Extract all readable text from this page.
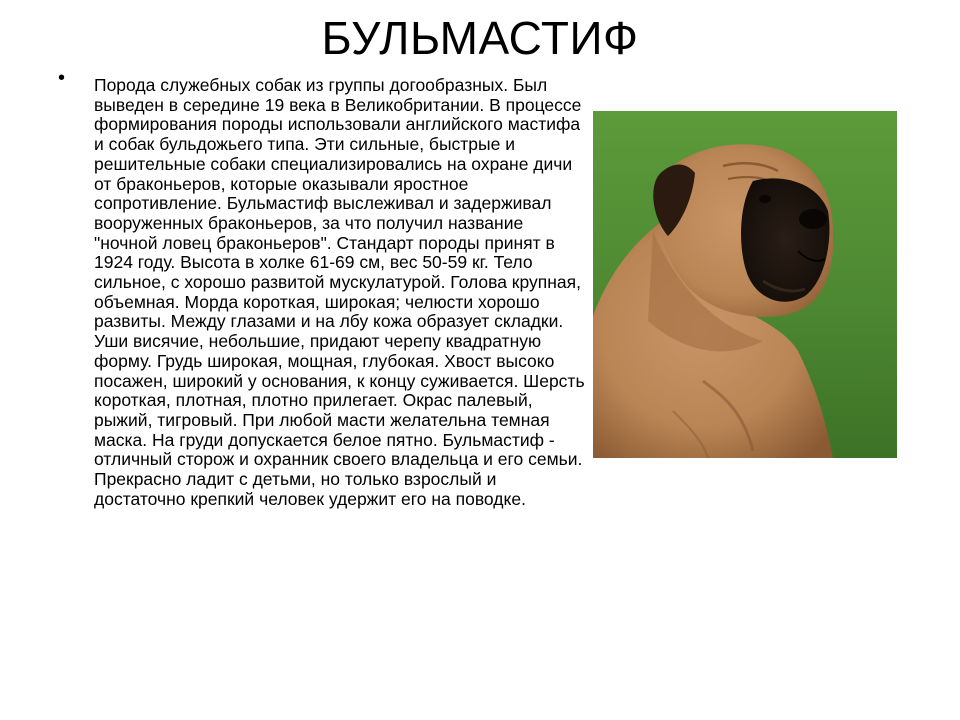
БУЛЬМАСТИФ
• Порода служебных собак из группы догообразных. Был выведен в середине 19 века в Великобритании. В процессе формирования породы использовали английского мастифа и собак бульдожьего типа. Эти сильные, быстрые и решительные собаки специализировались на охране дичи от браконьеров, которые оказывали яростное сопротивление. Бульмастиф выслеживал и задерживал вооруженных браконьеров, за что получил название "ночной ловец браконьеров". Стандарт породы принят в 1924 году. Высота в холке 61-69 см, вес 50-59 кг. Тело сильное, с хорошо развитой мускулатурой. Голова крупная, объемная. Морда короткая, широкая; челюсти хорошо развиты. Между глазами и на лбу кожа образует складки. Уши висячие, небольшие, придают черепу квадратную форму. Грудь широкая, мощная, глубокая. Хвост высоко посажен, широкий у основания, к концу суживается. Шерсть короткая, плотная, плотно прилегает. Окрас палевый, рыжий, тигровый. При любой масти желательна темная маска. На груди допускается белое пятно. Бульмастиф - отличный сторож и охранник своего владельца и его семьи. Прекрасно ладит с детьми, но только взрослый и достаточно крепкий человек удержит его на поводке.
